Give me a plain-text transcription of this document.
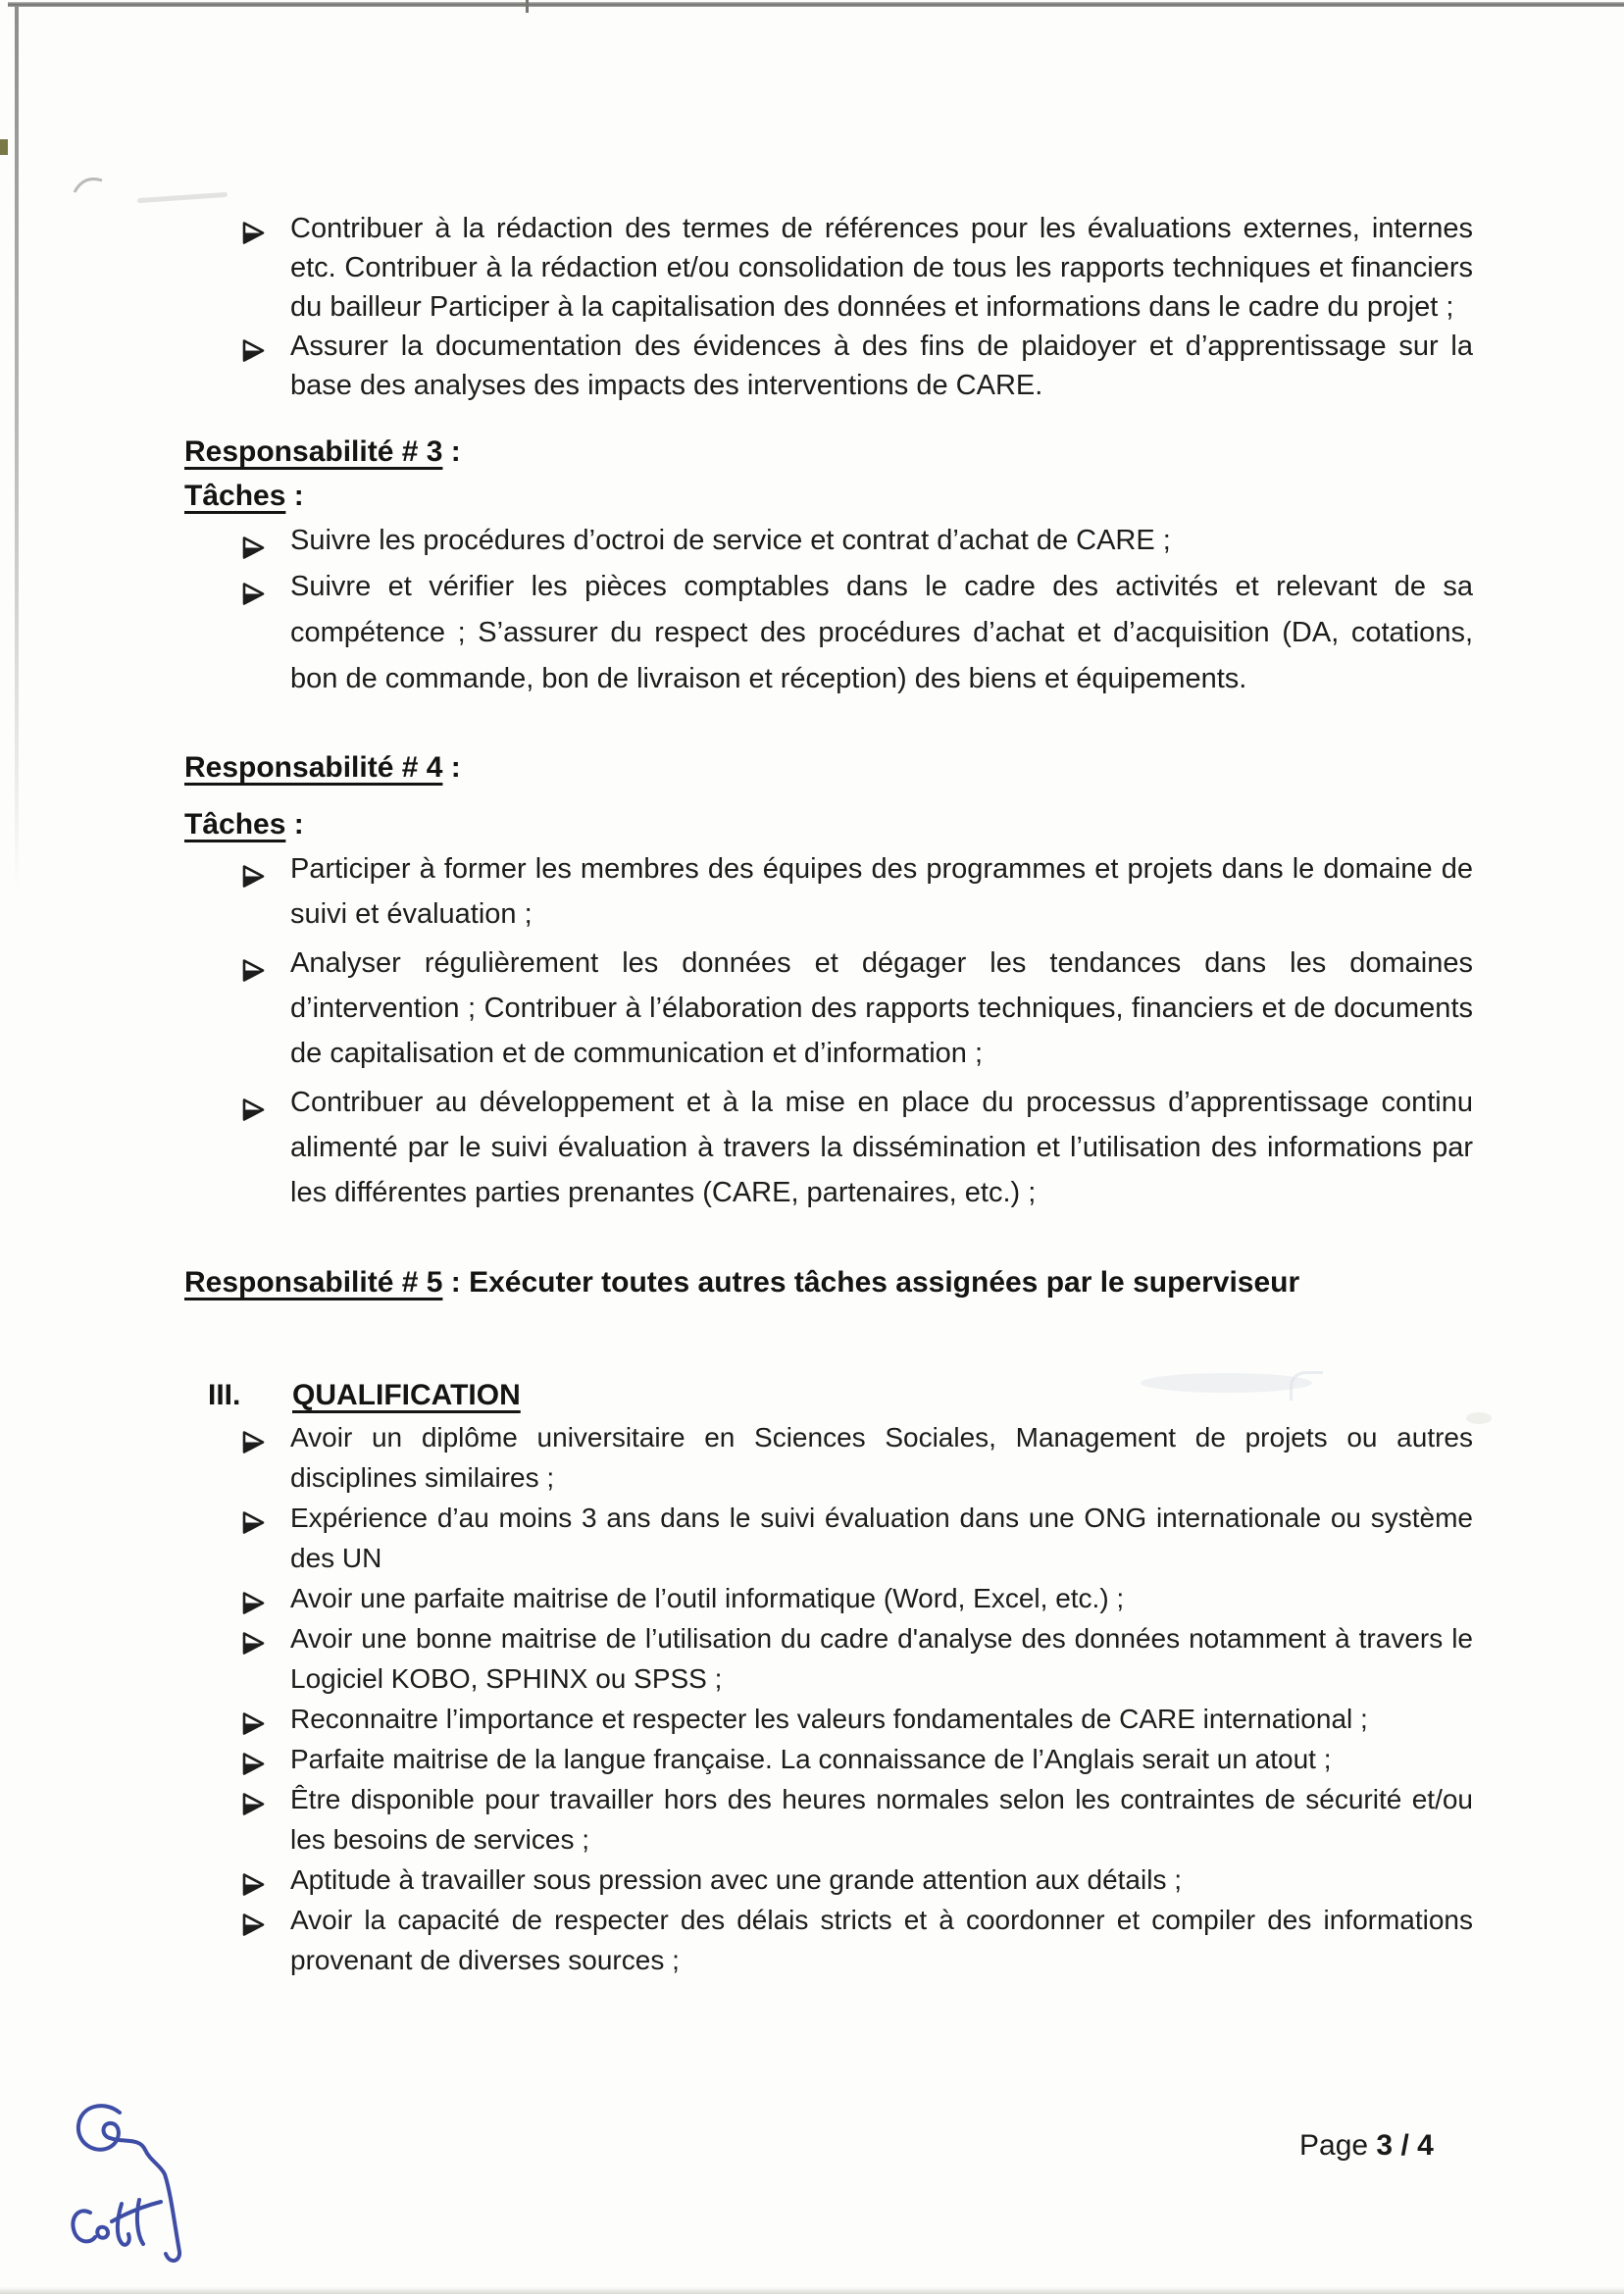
Contribuer à la rédaction des termes de références pour les évaluations externes, internes etc. Contribuer à la rédaction et/ou consolidation de tous les rapports techniques et financiers du bailleur Participer à la capitalisation des données et informations dans le cadre du projet ;
Assurer la documentation des évidences à des fins de plaidoyer et d’apprentissage sur la base des analyses des impacts des interventions de CARE.
Responsabilité # 3 :
Tâches :
Suivre les procédures d’octroi de service et contrat d’achat de CARE ;
Suivre et vérifier les pièces comptables dans le cadre des activités et relevant de sa compétence ; S’assurer du respect des procédures d’achat et d’acquisition (DA, cotations, bon de commande, bon de livraison et réception) des biens et équipements.
Responsabilité # 4 :
Tâches :
Participer à former les membres des équipes des programmes et projets dans le domaine de suivi et évaluation ;
Analyser régulièrement les données et dégager les tendances dans les domaines d’intervention ; Contribuer à l’élaboration des rapports techniques, financiers et de documents de capitalisation et de communication et d’information ;
Contribuer au développement et à la mise en place du processus d’apprentissage continu alimenté par le suivi évaluation à travers la dissémination et l’utilisation des informations par les différentes parties prenantes (CARE, partenaires, etc.) ;
Responsabilité # 5 : Exécuter toutes autres tâches assignées par le superviseur
III. QUALIFICATION
Avoir un diplôme universitaire en Sciences Sociales, Management de projets ou autres disciplines similaires ;
Expérience d’au moins 3 ans dans le suivi évaluation dans une ONG internationale ou système des UN
Avoir une parfaite maitrise de l’outil informatique (Word, Excel, etc.) ;
Avoir une bonne maitrise de l’utilisation du cadre d'analyse des données notamment à travers le Logiciel KOBO, SPHINX ou SPSS ;
Reconnaitre l’importance et respecter les valeurs fondamentales de CARE international ;
Parfaite maitrise de la langue française. La connaissance de l’Anglais serait un atout ;
Être disponible pour travailler hors des heures normales selon les contraintes de sécurité et/ou les besoins de services ;
Aptitude à travailler sous pression avec une grande attention aux détails ;
Avoir la capacité de respecter des délais stricts et à coordonner et compiler des informations provenant de diverses sources ;
Page 3 / 4
